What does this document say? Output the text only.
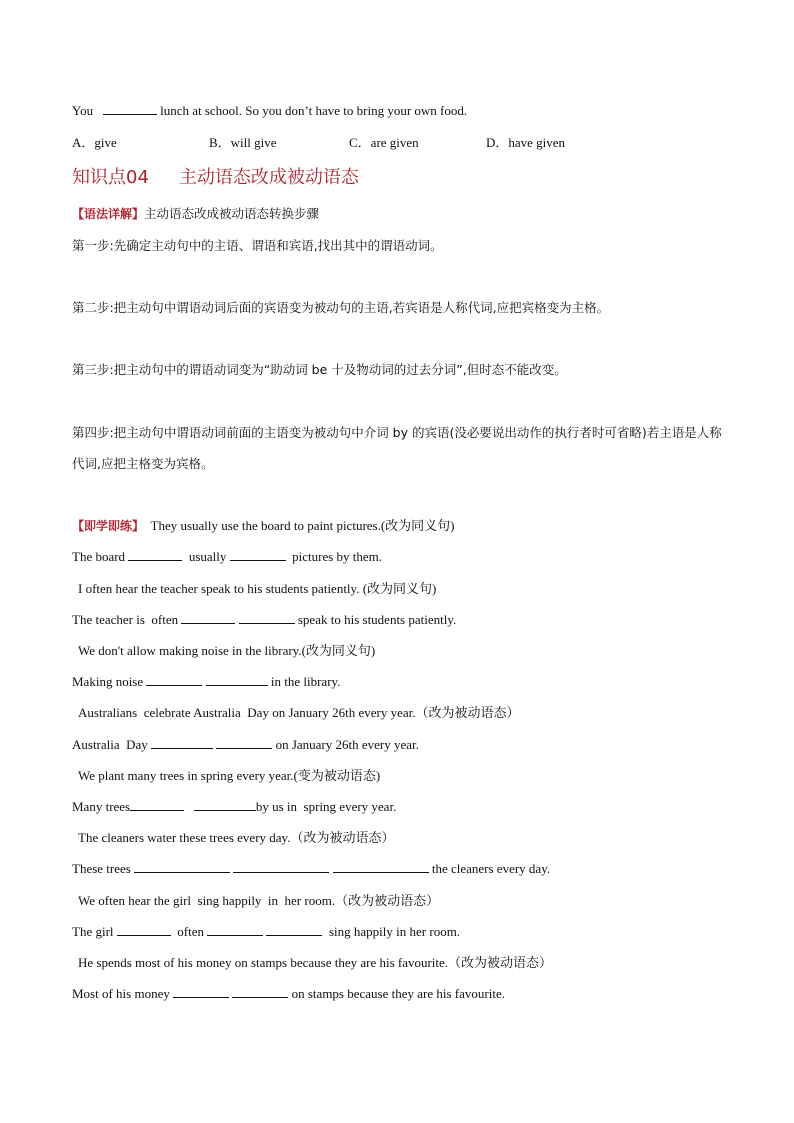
You	lunch at school. So you don’t have to bring your own food.
A．give	B．will give	C．are given	D．have given
知识点04 主动语态改成被动语态
【语法详解】主动语态改成被动语态转换步骤
第一步:先确定主动句中的主语、谓语和宾语,找出其中的谓语动词。
第二步:把主动句中谓语动词后面的宾语变为被动句的主语,若宾语是人称代词,应把宾格变为主格。
第三步:把主动句中的谓语动词变为“助动词 be 十及物动词的过去分词”,但时态不能改变。
第四步:把主动句中谓语动词前面的主语变为被动句中介词 by 的宾语(没必要说出动作的执行者时可省略)若主语是人称代词,应把主格变为宾格。
【即学即练】 They usually use the board to paint pictures.(改为同义句)
The board	usually	pictures by them.
I often hear the teacher speak to his students patiently. (改为同义句)
The teacher is  often	speak to his students patiently.
We don't allow making noise in the library.(改为同义句)
Making noise	in the library.
Australians  celebrate Australia  Day on January 26th every year.（改为被动语态）
Australia  Day	on January 26th every year.
We plant many trees in spring every year.(变为被动语态)
Many trees	by us in  spring every year.
The cleaners water these trees every day.（改为被动语态）
These trees	the cleaners every day.
We often hear the girl  sing happily  in  her room.（改为被动语态）
The girl	often	sing happily in her room.
He spends most of his money on stamps because they are his favourite.（改为被动语态）
Most of his money	on stamps because they are his favourite.
